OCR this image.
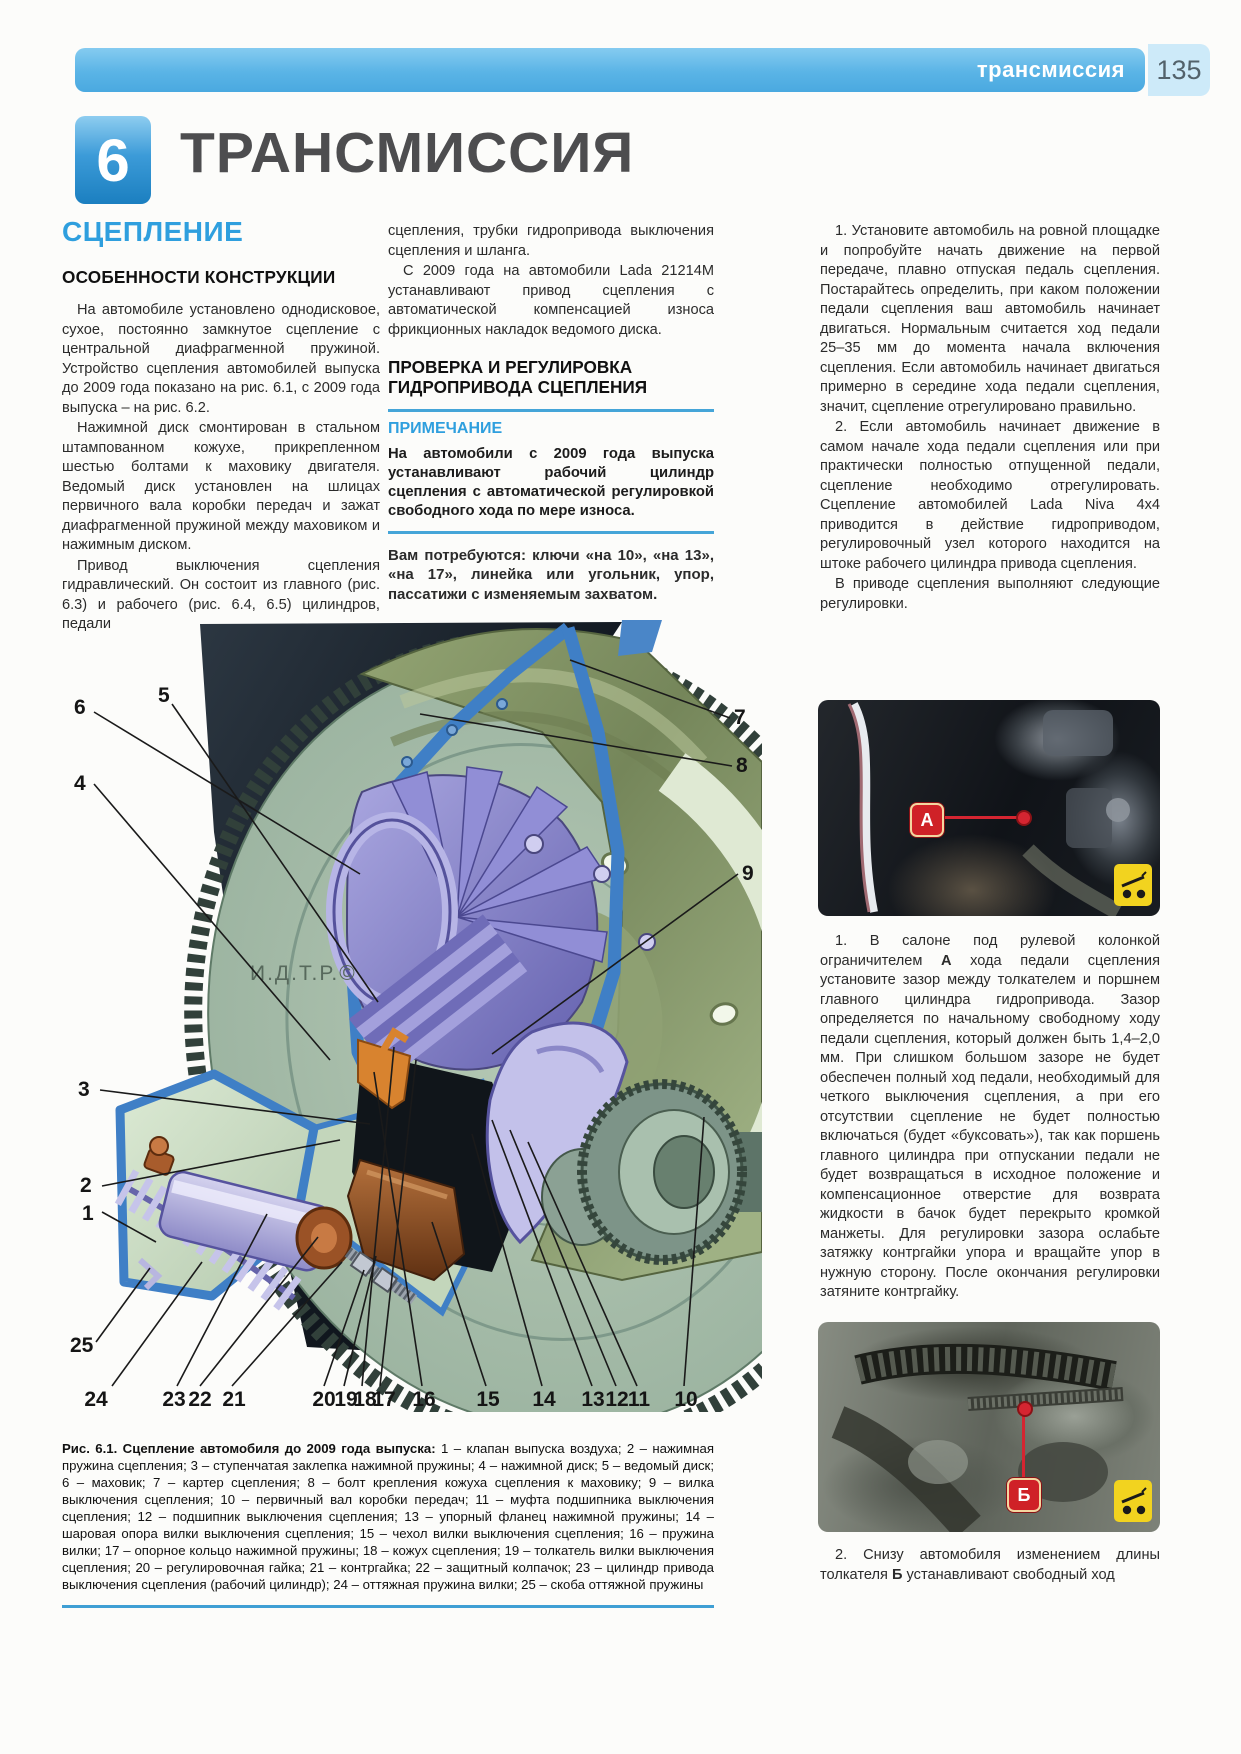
трансмиссия	135
6 ТРАНСМИССИЯ
СЦЕПЛЕНИЕ
ОСОБЕННОСТИ КОНСТРУКЦИИ

На автомобиле установлено однодисковое, сухое, постоянно замкнутое сцепление с центральной диафрагменной пружиной. Устройство сцепления автомобилей выпуска до 2009 года показано на рис. 6.1, с 2009 года выпуска – на рис. 6.2.

Нажимной диск смонтирован в стальном штампованном кожухе, прикрепленном шестью болтами к маховику двигателя. Ведомый диск установлен на шлицах первичного вала коробки передач и зажат диафрагменной пружиной между маховиком и нажимным диском.

Привод выключения сцепления гидравлический. Он состоит из главного (рис. 6.3) и рабочего (рис. 6.4, 6.5) цилиндров, педали

сцепления, трубки гидропривода выключения сцепления и шланга.

С 2009 года на автомобили Lada 21214M устанавливают привод сцепления с автоматической компенсацией износа фрикционных накладок ведомого диска.

ПРОВЕРКА И РЕГУЛИРОВКА ГИДРОПРИВОДА СЦЕПЛЕНИЯ
ПРИМЕЧАНИЕ
На автомобили с 2009 года выпуска устанавливают рабочий цилиндр сцепления с автоматической регулировкой свободного хода по мере износа.

Вам потребуются: ключи «на 10», «на 13», «на 17», линейка или угольник, упор, пассатижи с изменяемым захватом.

1. Установите автомобиль на ровной площадке и попробуйте начать движение на первой передаче, плавно отпуская педаль сцепления. Постарайтесь определить, при каком положении педали сцепления ваш автомобиль начинает двигаться. Нормальным считается ход педали 25–35 мм до момента начала включения сцепления. Если автомобиль начинает двигаться примерно в середине хода педали сцепления, значит, сцепление отрегулировано правильно.

2. Если автомобиль начинает движение в самом начале хода педали сцепления или при практически полностью отпущенной педали, сцепление необходимо отрегулировать. Сцепление автомобилей Lada Niva 4x4 приводится в действие гидроприводом, регулировочный узел которого находится на штоке рабочего цилиндра привода сцепления.

В приводе сцепления выполняют следующие регулировки.

А

1. В салоне под рулевой колонкой ограничителем А хода педали сцепления установите зазор между толкателем и поршнем главного цилиндра гидропривода. Зазор определяется по начальному свободному ходу педали сцепления, который должен быть 1,4–2,0 мм. При слишком большом зазоре не будет обеспечен полный ход педали, необходимый для четкого выключения сцепления, а при его отсутствии сцепление не будет полностью включаться (будет «буксовать»), так как поршень главного цилиндра при отпускании педали не будет возвращаться в исходное положение и компенсационное отверстие для возврата жидкости в бачок будет перекрыто кромкой манжеты. Для регулировки зазора ослабьте затяжку контргайки упора и вращайте упор в нужную сторону. После окончания регулировки затяните контргайку.

Б

2. Снизу автомобиля изменением длины толкателя Б устанавливают свободный ход

И.Д.Т.Р.©
6
5
4
7
8
9
3
2
1
25
24	23 22 21	20
19
18
17 16 15 14 13 12 11 10
Рис. 6.1. Сцепление автомобиля до 2009 года выпуска: 1 – клапан выпуска воздуха; 2 – нажимная пружина сцепления; 3 – ступенчатая заклепка нажимной пружины; 4 – нажимной диск; 5 – ведомый диск; 6 – маховик; 7 – картер сцепления; 8 – болт крепления кожуха сцепления к маховику; 9 – вилка выключения сцепления; 10 – первичный вал коробки передач; 11 – муфта подшипника выключения сцепления; 12 – подшипник выключения сцепления; 13 – упорный фланец нажимной пружины; 14 – шаровая опора вилки выключения сцепления; 15 – чехол вилки выключения сцепления; 16 – пружина вилки; 17 – опорное кольцо нажимной пружины; 18 – кожух сцепления; 19 – толкатель вилки выключения сцепления; 20 – регулировочная гайка; 21 – контргайка; 22 – защитный колпачок; 23 – цилиндр привода выключения сцепления (рабочий цилиндр); 24 – оттяжная пружина вилки; 25 – скоба оттяжной пружины
